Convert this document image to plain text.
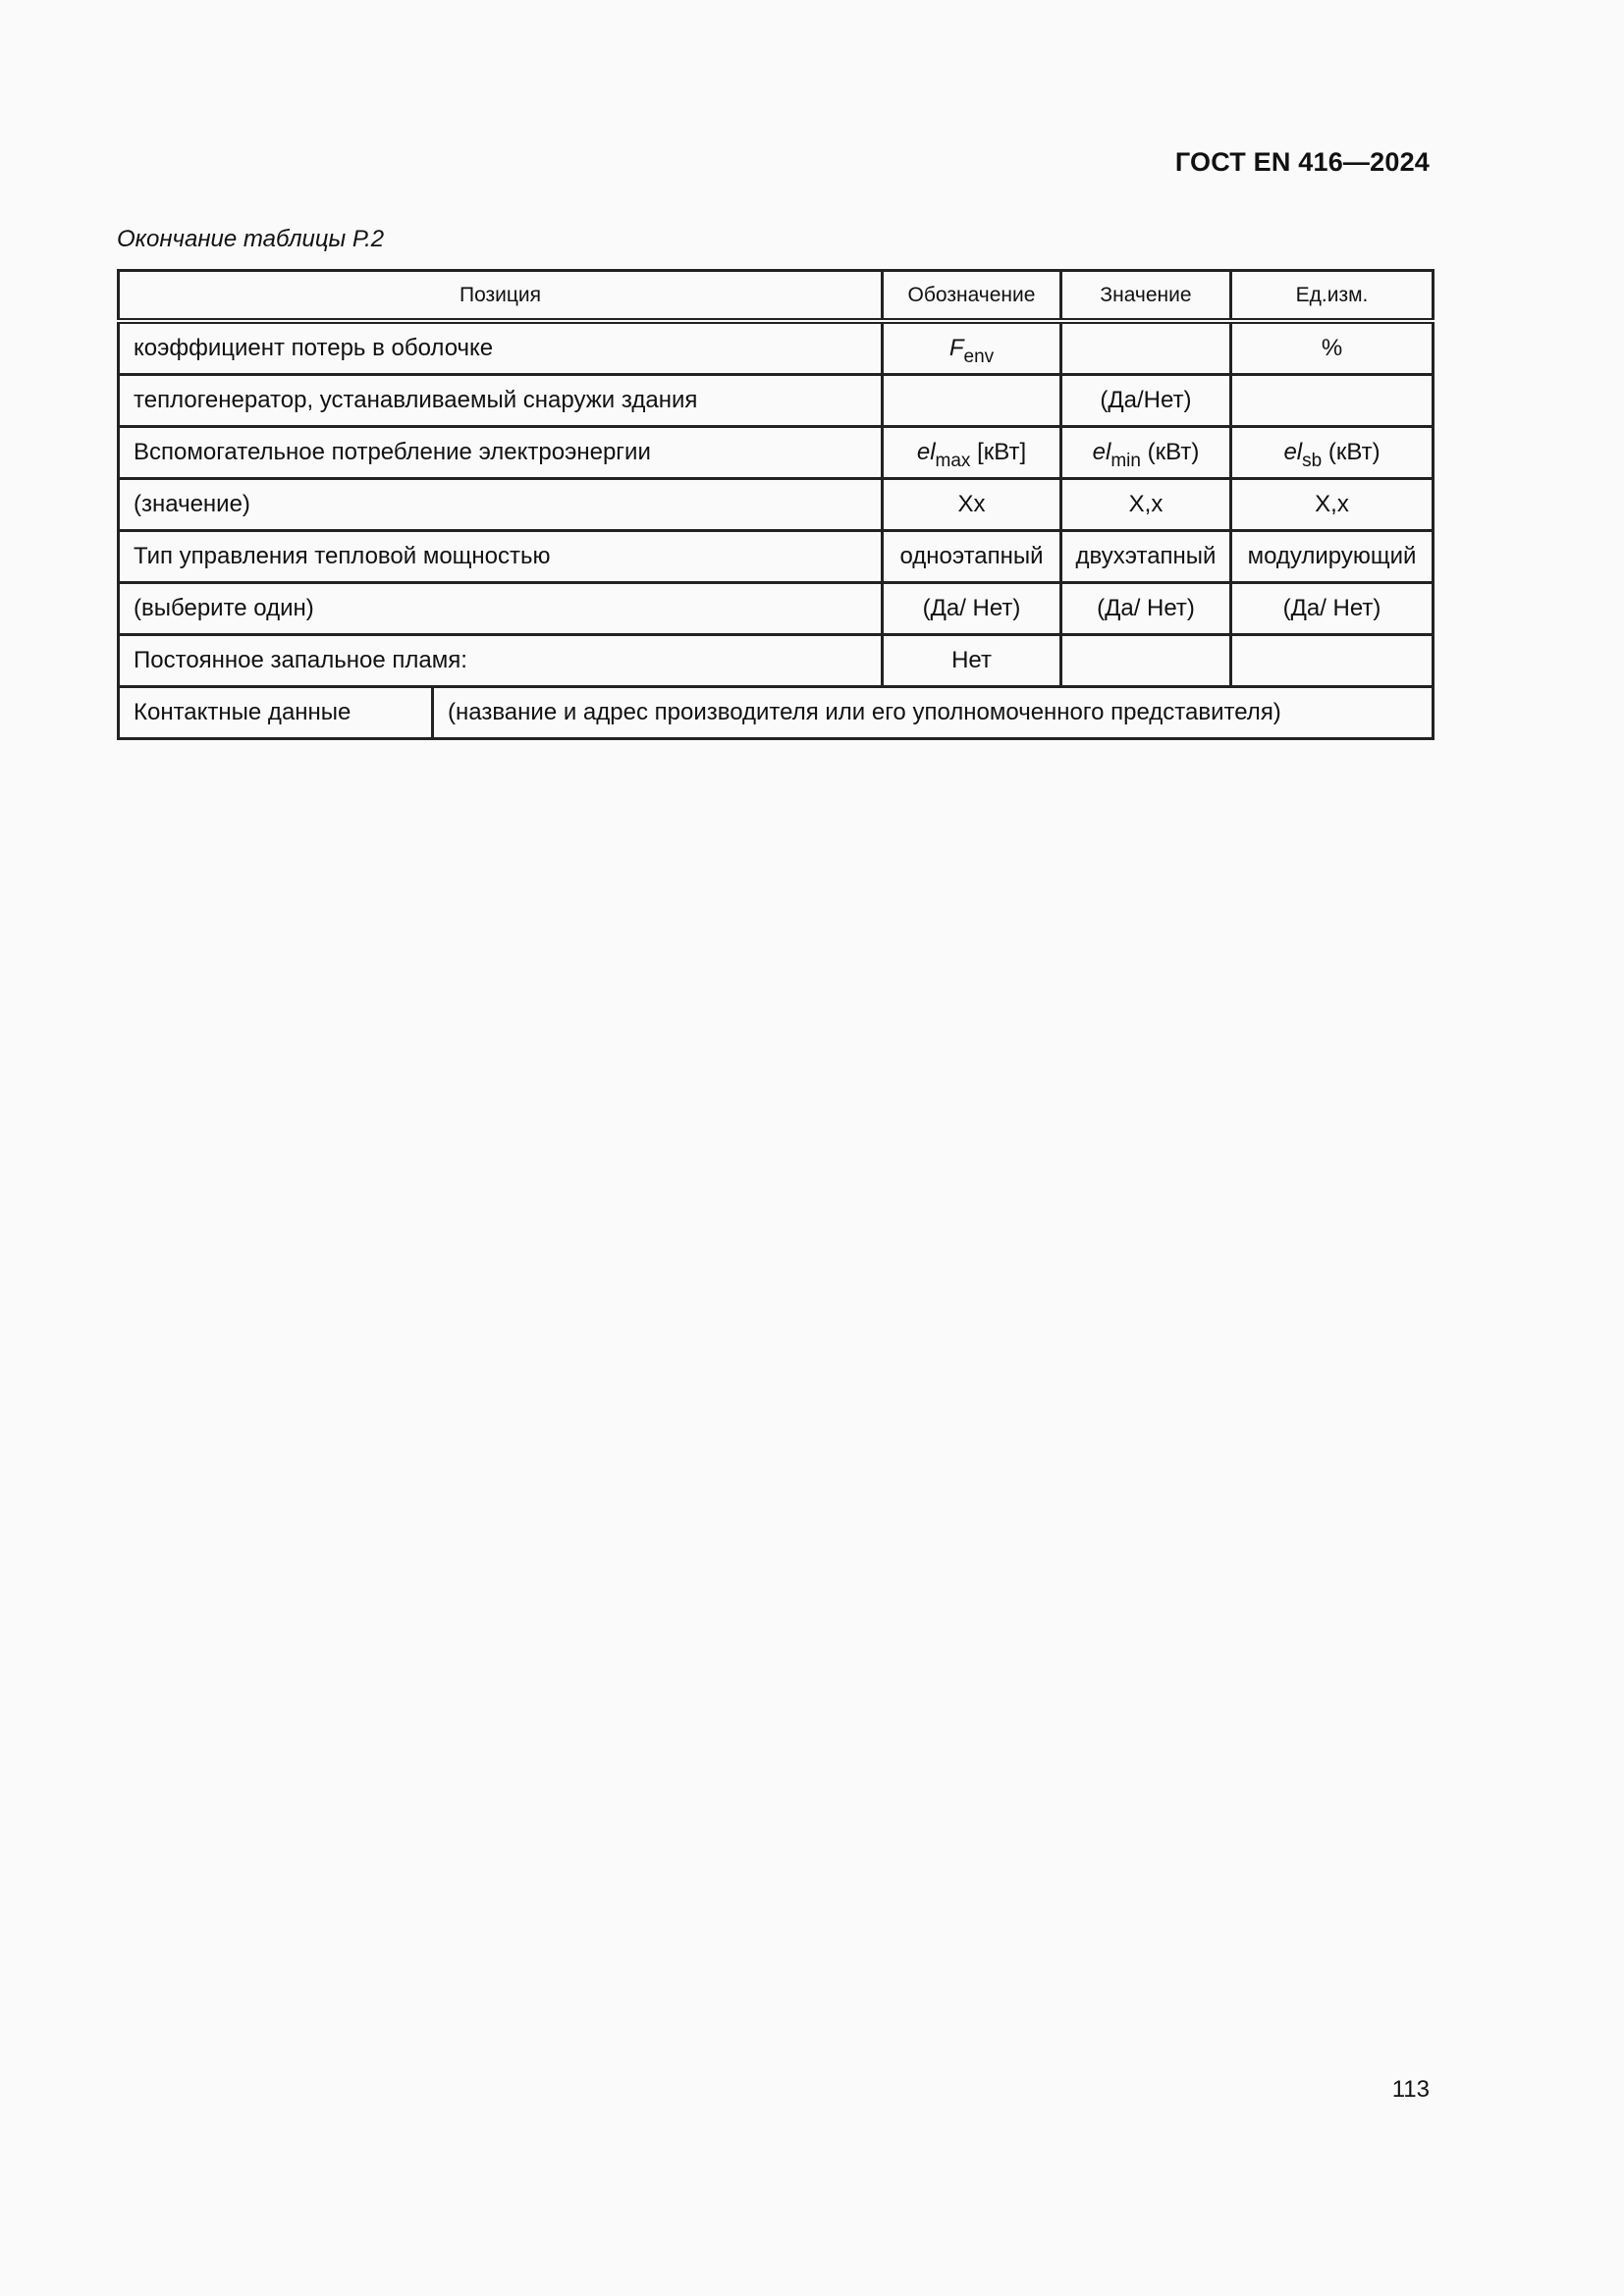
ГОСТ EN 416—2024
Окончание таблицы Р.2
Позиция		Обозначение	Значение	Ед.изм.
коэффициент потерь в оболочке		$F_{env}$		%
теплогенератор, устанавливаемый снаружи здания			(Да/Нет)	
Вспомогательное потребление электроэнергии		$el_{max}$ [кВт]	$el_{min}$ (кВт)	$el_{sb}$ (кВт)
(значение)		Xx	X,x	X,x
Тип управления тепловой мощностью		одноэтапный	двухэтапный	модулирующий
(выберите один)		(Да/ Нет)	(Да/ Нет)	(Да/ Нет)
Постоянное запальное пламя:		Нет		
Контактные данные	(название и адрес производителя или его уполномоченного представителя)			
113
